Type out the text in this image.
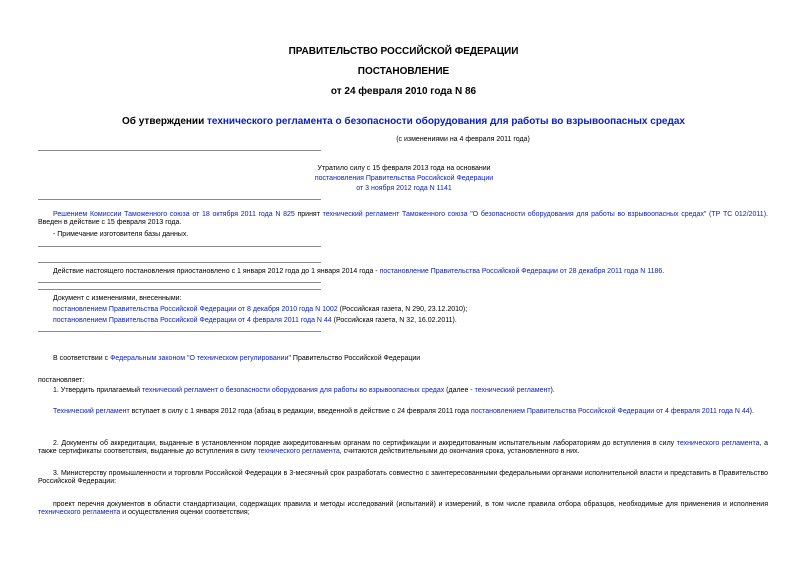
ПРАВИТЕЛЬСТВО РОССИЙСКОЙ ФЕДЕРАЦИИ
ПОСТАНОВЛЕНИЕ
от 24 февраля 2010 года N 86
Об утверждении технического регламента о безопасности оборудования для работы во взрывоопасных средах
(с изменениями на 4 февраля 2011 года)
Утратило силу с 15 февраля 2013 года на основании
постановления Правительства Российской Федерации
от 3 ноября 2012 года N 1141
Решением Комиссии Таможенного союза от 18 октября 2011 года N 825 принят технический регламент Таможенного союза "О безопасности оборудования для работы во взрывоопасных средах" (ТР ТС 012/2011). Введен в действие с 15 февраля 2013 года.
- Примечание изготовителя базы данных.
Действие настоящего постановления приостановлено с 1 января 2012 года до 1 января 2014 года - постановление Правительства Российской Федерации от 28 декабря 2011 года N 1186.
Документ с изменениями, внесенными:
постановлением Правительства Российской Федерации от 8 декабря 2010 года N 1002 (Российская газета, N 290, 23.12.2010);
постановлением Правительства Российской Федерации от 4 февраля 2011 года N 44 (Российская газета, N 32, 16.02.2011).
В соответствии с Федеральным законом "О техническом регулировании" Правительство Российской Федерации
постановляет:
1. Утвердить прилагаемый технический регламент о безопасности оборудования для работы во взрывоопасных средах (далее - технический регламент).
Технический регламент вступает в силу с 1 января 2012 года (абзац в редакции, введенной в действие с 24 февраля 2011 года постановлением Правительства Российской Федерации от 4 февраля 2011 года N 44).
2. Документы об аккредитации, выданные в установленном порядке аккредитованным органам по сертификации и аккредитованным испытательным лабораториям до вступления в силу технического регламента, а также сертификаты соответствия, выданные до вступления в силу технического регламента, считаются действительными до окончания срока, установленного в них.
3. Министерству промышленности и торговли Российской Федерации в 3-месячный срок разработать совместно с заинтересованными федеральными органами исполнительной власти и представить в Правительство Российской Федерации:
проект перечня документов в области стандартизации, содержащих правила и методы исследований (испытаний) и измерений, в том числе правила отбора образцов, необходимые для применения и исполнения технического регламента и осуществления оценки соответствия;
